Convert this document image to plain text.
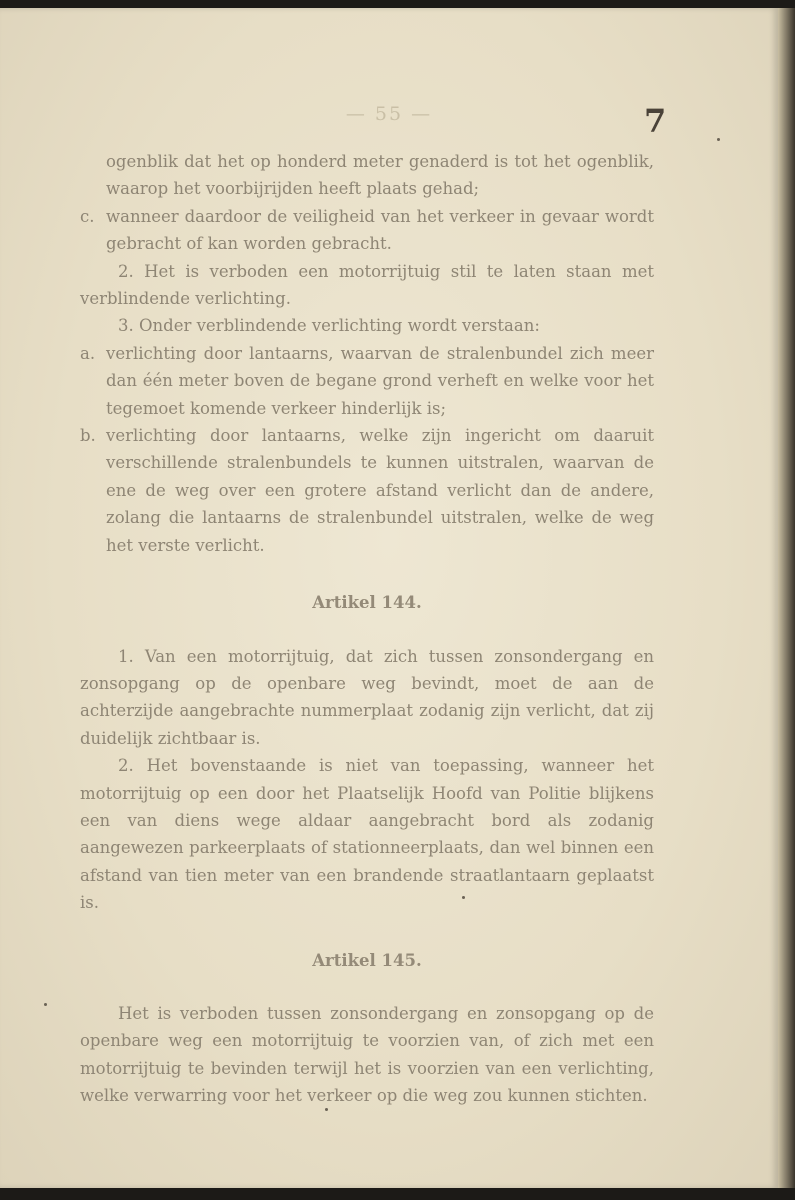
— 55 —	7

ogenblik dat het op honderd meter genaderd is tot het ogenblik, waarop het voorbijrijden heeft plaats gehad;

c. wanneer daardoor de veiligheid van het verkeer in gevaar wordt gebracht of kan worden gebracht.

2. Het is verboden een motorrijtuig stil te laten staan met verblindende verlichting.

3. Onder verblindende verlichting wordt verstaan:

a. verlichting door lantaarns, waarvan de stralenbundel zich meer dan één meter boven de begane grond verheft en welke voor het tegemoet komende verkeer hinderlijk is;
b. verlichting door lantaarns, welke zijn ingericht om daaruit verschillende stralenbundels te kunnen uitstralen, waarvan de ene de weg over een grotere afstand verlicht dan de andere, zolang die lantaarns de stralenbundel uitstralen, welke de weg het verste verlicht.
Artikel 144.

1. Van een motorrijtuig, dat zich tussen zonsondergang en zonsopgang op de openbare weg bevindt, moet de aan de achterzijde aangebrachte nummerplaat zodanig zijn verlicht, dat zij duidelijk zichtbaar is.

2. Het bovenstaande is niet van toepassing, wanneer het motorrijtuig op een door het Plaatselijk Hoofd van Politie blijkens een van diens wege aldaar aangebracht bord als zodanig aangewezen parkeerplaats of stationneerplaats, dan wel binnen een afstand van tien meter van een brandende straatlantaarn geplaatst is.

Artikel 145.

Het is verboden tussen zonsondergang en zonsopgang op de openbare weg een motorrijtuig te voorzien van, of zich met een motorrijtuig te bevinden terwijl het is voorzien van een verlichting, welke verwarring voor het verkeer op die weg zou kunnen stichten.
